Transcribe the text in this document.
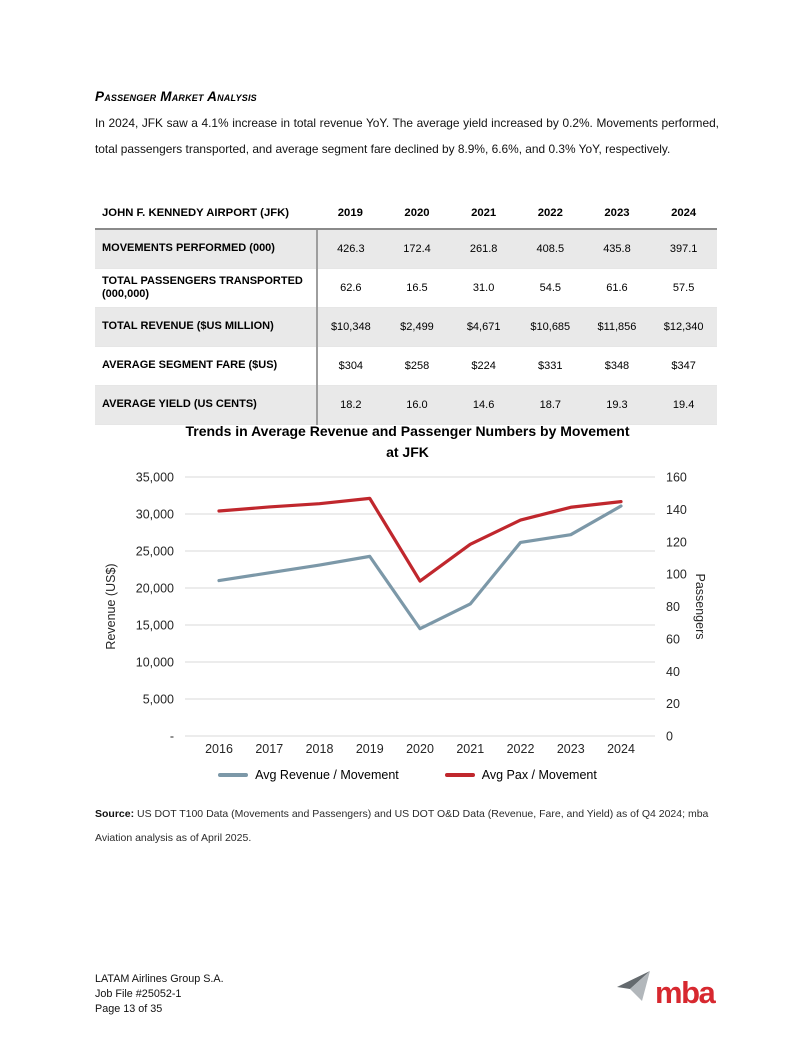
Passenger Market Analysis
In 2024, JFK saw a 4.1% increase in total revenue YoY. The average yield increased by 0.2%. Movements performed, total passengers transported, and average segment fare declined by 8.9%, 6.6%, and 0.3% YoY, respectively.
JOHN F. KENNEDY AIRPORT (JFK)	2019	2020	2021	2022	2023	2024
MOVEMENTS PERFORMED (000)	426.3	172.4	261.8	408.5	435.8	397.1
TOTAL PASSENGERS TRANSPORTED (000,000)	62.6	16.5	31.0	54.5	61.6	57.5
TOTAL REVENUE ($US MILLION)	$10,348	$2,499	$4,671	$10,685	$11,856	$12,340
AVERAGE SEGMENT FARE ($US)	$304	$258	$224	$331	$348	$347
AVERAGE YIELD (US CENTS)	18.2	16.0	14.6	18.7	19.3	19.4
Trends in Average Revenue and Passenger Numbers by Movement at JFK
-
5,000
10,000
15,000
20,000
25,000
30,000
35,000
0
20
40
60
80
100
120
140
160
2016 2017 2018 2019 2020 2021 2022 2023 2024
Revenue (US$)	Passengers
Avg Revenue / Movement	Avg Pax / Movement
Source: US DOT T100 Data (Movements and Passengers) and US DOT O&D Data (Revenue, Fare, and Yield) as of Q4 2024; mba Aviation analysis as of April 2025.
LATAM Airlines Group S.A.
Job File #25052-1
Page 13 of 35	mba
